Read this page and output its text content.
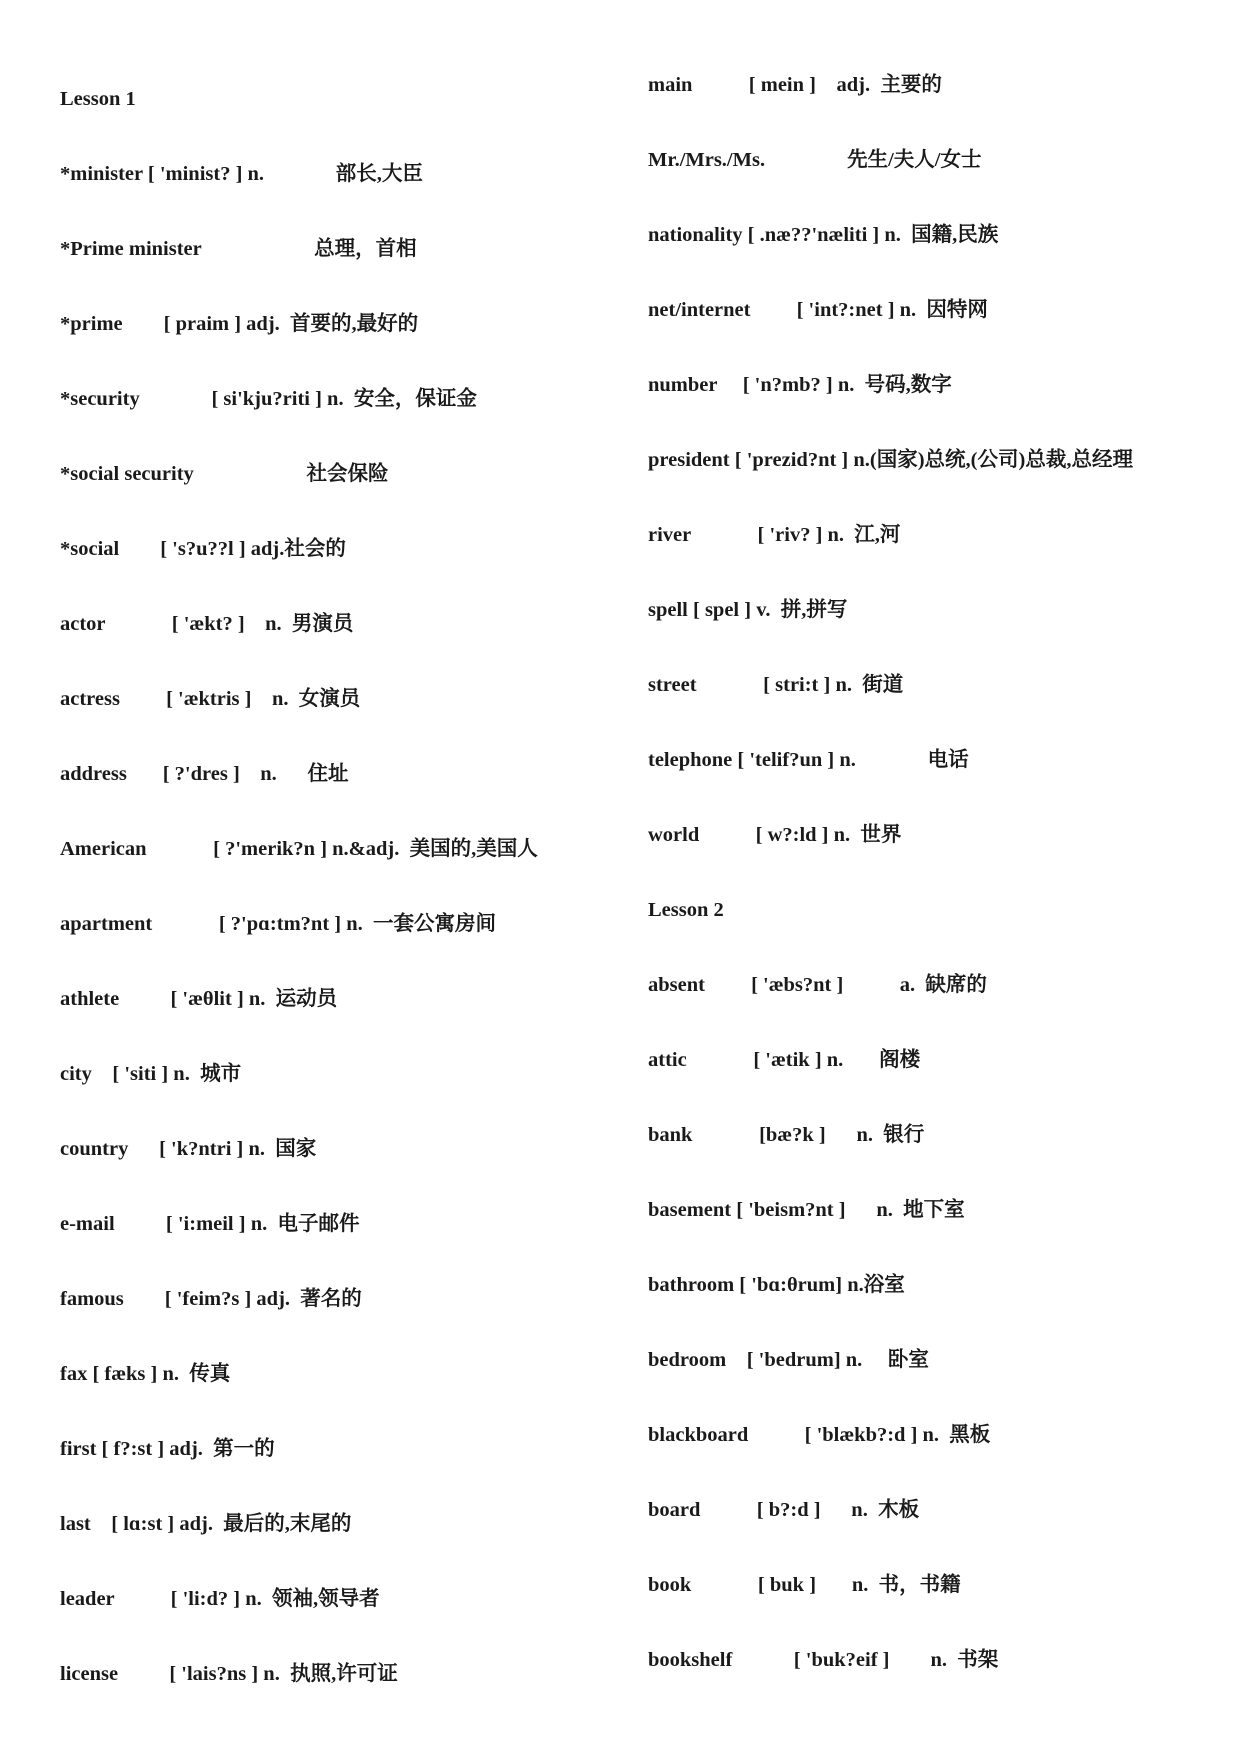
Lesson 1
*minister [ 'minist? ] n.              部长,大臣
*Prime minister                      总理，首相
*prime        [ praim ] adj.  首要的,最好的
*security              [ si'kju?riti ] n.  安全，保证金
*social security                      社会保险
*social        [ 's?u??l ] adj.社会的
actor             [ 'ækt? ]    n.  男演员
actress         [ 'æktris ]    n.  女演员
address       [ ?'dres ]    n.      住址
American             [ ?'merik?n ] n.&adj.  美国的,美国人
apartment             [ ?'pɑ:tm?nt ] n.  一套公寓房间
athlete          [ 'æθlit ] n.  运动员
city    [ 'siti ] n.  城市
country      [ 'k?ntri ] n.  国家
e-mail          [ 'i:meil ] n.  电子邮件
famous        [ 'feim?s ] adj.  著名的
fax [ fæks ] n.  传真
first [ f?:st ] adj.  第一的
last    [ lɑ:st ] adj.  最后的,末尾的
leader           [ 'li:d? ] n.  领袖,领导者
license          [ 'lais?ns ] n.  执照,许可证
main           [ mein ]    adj.  主要的
Mr./Mrs./Ms.                先生/夫人/女士
nationality [ .næ??'næliti ] n.  国籍,民族
net/internet         [ 'int?:net ] n.  因特网
number     [ 'n?mb? ] n.  号码,数字
president [ 'prezid?nt ] n.(国家)总统,(公司)总裁,总经理
river             [ 'riv? ] n.  江,河
spell [ spel ] v.  拼,拼写
street             [ stri:t ] n.  街道
telephone [ 'telif?un ] n.              电话
world           [ w?:ld ] n.  世界
Lesson 2
absent         [ 'æbs?nt ]           a.  缺席的
attic             [ 'ætik ] n.       阁楼
bank             [bæ?k ]      n.  银行
basement [ 'beism?nt ]      n.  地下室
bathroom [ 'bɑ:θrum] n.浴室
bedroom    [ 'bedrum] n.     卧室
blackboard           [ 'blækb?:d ] n.  黑板
board           [ b?:d ]      n.  木板
book             [ buk ]       n.  书，书籍
bookshelf            [ 'buk?eif ]        n.  书架
